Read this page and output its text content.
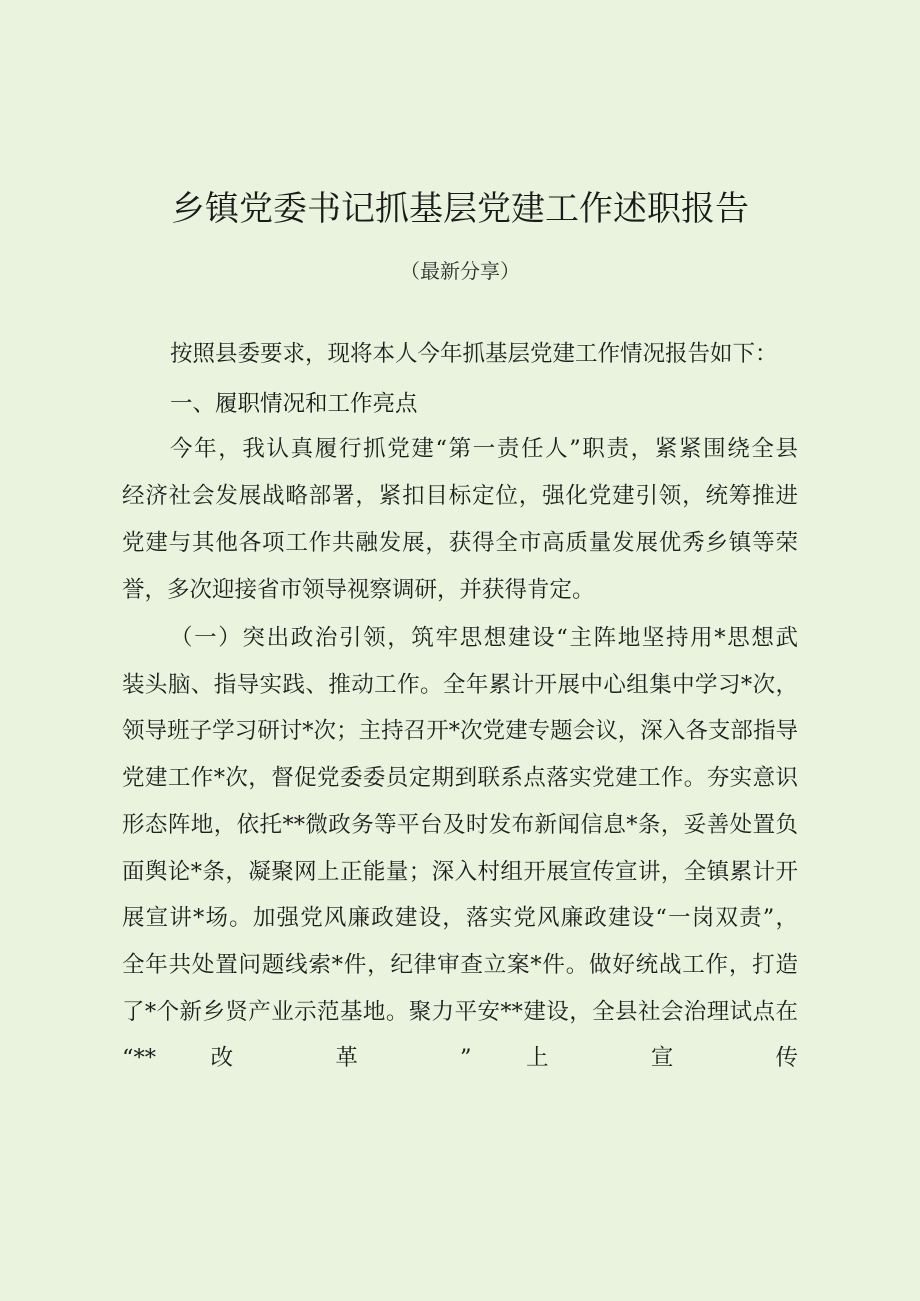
乡镇党委书记抓基层党建工作述职报告
（最新分享）
按照县委要求，现将本人今年抓基层党建工作情况报告如下：
一、履职情况和工作亮点
今年，我认真履行抓党建“第一责任人”职责，紧紧围绕全县
经济社会发展战略部署，紧扣目标定位，强化党建引领，统筹推进
党建与其他各项工作共融发展，获得全市高质量发展优秀乡镇等荣
誉，多次迎接省市领导视察调研，并获得肯定。
（一）突出政治引领，筑牢思想建设“主阵地坚持用*思想武
装头脑、指导实践、推动工作。全年累计开展中心组集中学习*次，
领导班子学习研讨*次；主持召开*次党建专题会议，深入各支部指导
党建工作*次，督促党委委员定期到联系点落实党建工作。夯实意识
形态阵地，依托**微政务等平台及时发布新闻信息*条，妥善处置负
面舆论*条，凝聚网上正能量；深入村组开展宣传宣讲，全镇累计开
展宣讲*场。加强党风廉政建设，落实党风廉政建设“一岗双责”，
全年共处置问题线索*件，纪律审查立案*件。做好统战工作，打造
了*个新乡贤产业示范基地。聚力平安**建设，全县社会治理试点在
“** 改 革 ” 上 宣 传
